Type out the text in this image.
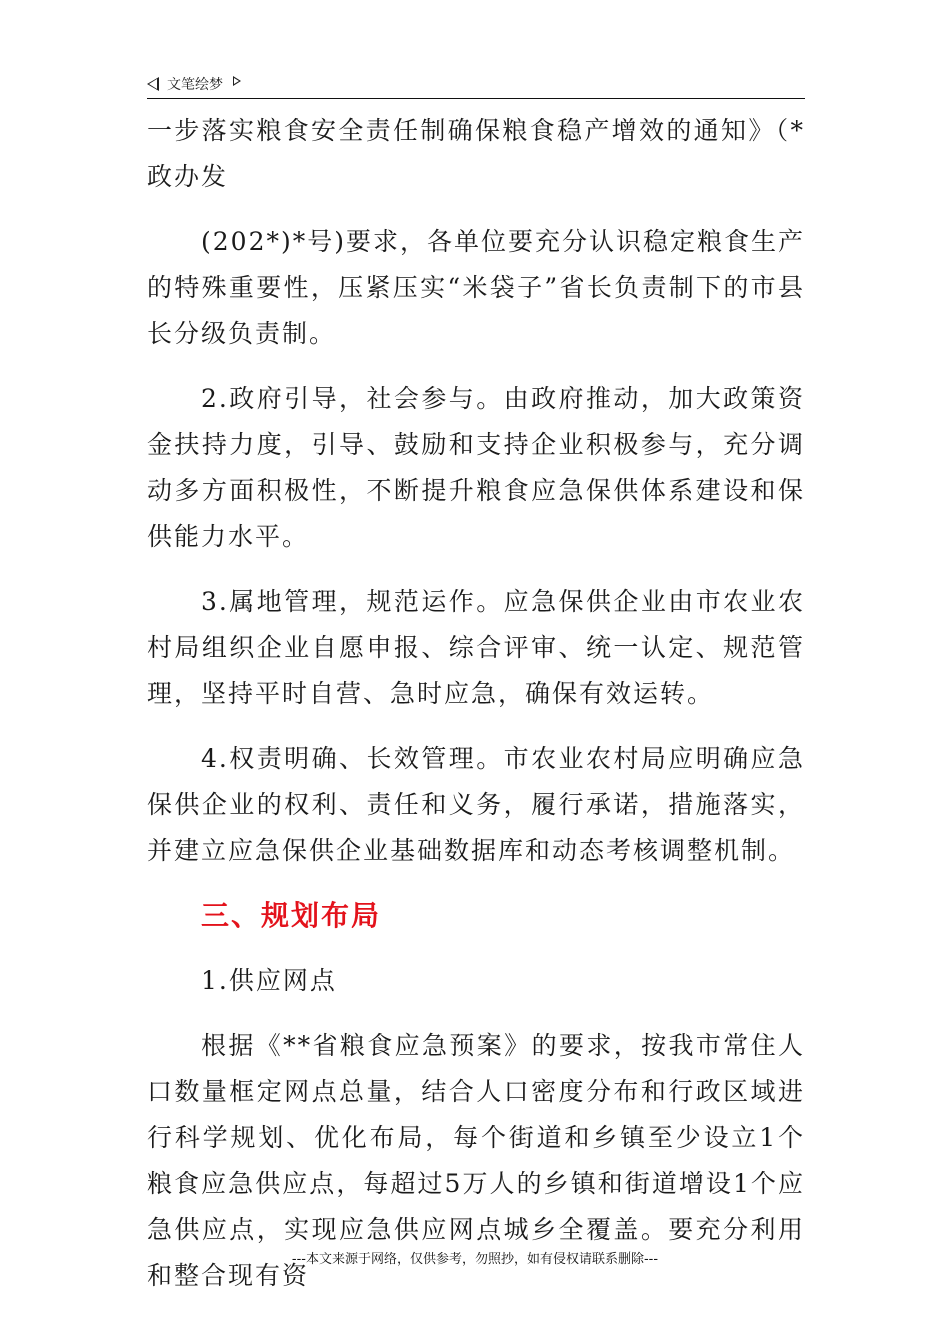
文笔绘梦

一步落实粮食安全责任制确保粮食稳产增效的通知》（*政办发

(202*)*号)要求，各单位要充分认识稳定粮食生产的特殊重要性，压紧压实“米袋子”省长负责制下的市县长分级负责制。

2.政府引导，社会参与。由政府推动，加大政策资金扶持力度，引导、鼓励和支持企业积极参与，充分调动多方面积极性，不断提升粮食应急保供体系建设和保供能力水平。

3.属地管理，规范运作。应急保供企业由市农业农村局组织企业自愿申报、综合评审、统一认定、规范管理，坚持平时自营、急时应急，确保有效运转。

4.权责明确、长效管理。市农业农村局应明确应急保供企业的权利、责任和义务，履行承诺，措施落实，并建立应急保供企业基础数据库和动态考核调整机制。

三、规划布局

1.供应网点

根据《**省粮食应急预案》的要求，按我市常住人口数量框定网点总量，结合人口密度分布和行政区域进行科学规划、优化布局，每个街道和乡镇至少设立1个粮食应急供应点，每超过5万人的乡镇和街道增设1个应急供应点，实现应急供应网点城乡全覆盖。要充分利用和整合现有资

---本文来源于网络，仅供参考，勿照抄，如有侵权请联系删除---
